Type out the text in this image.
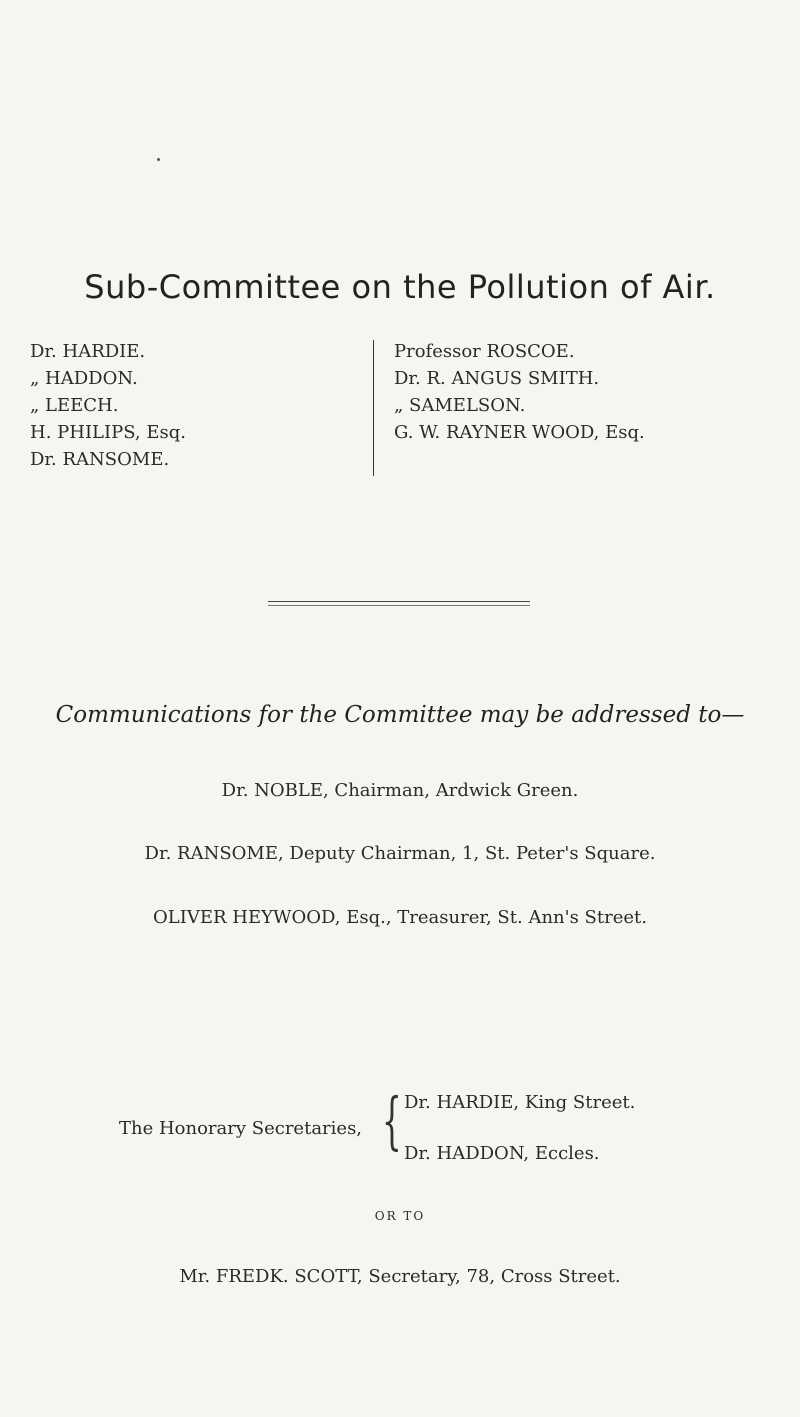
Sub-Committee on the Pollution of Air.
Dr. HARDIE.
„ HADDON.
„ LEECH.
H. PHILIPS, Esq.
Dr. RANSOME.
Professor ROSCOE.
Dr. R. ANGUS SMITH.
„ SAMELSON.
G. W. RAYNER WOOD, Esq.
Communications for the Committee may be addressed to—
Dr. NOBLE, Chairman, Ardwick Green.
Dr. RANSOME, Deputy Chairman, 1, St. Peter's Square.
OLIVER HEYWOOD, Esq., Treasurer, St. Ann's Street.
The Honorary Secretaries, { Dr. HARDIE, King Street.
Dr. HADDON, Eccles.
OR TO
Mr. FREDK. SCOTT, Secretary, 78, Cross Street.
